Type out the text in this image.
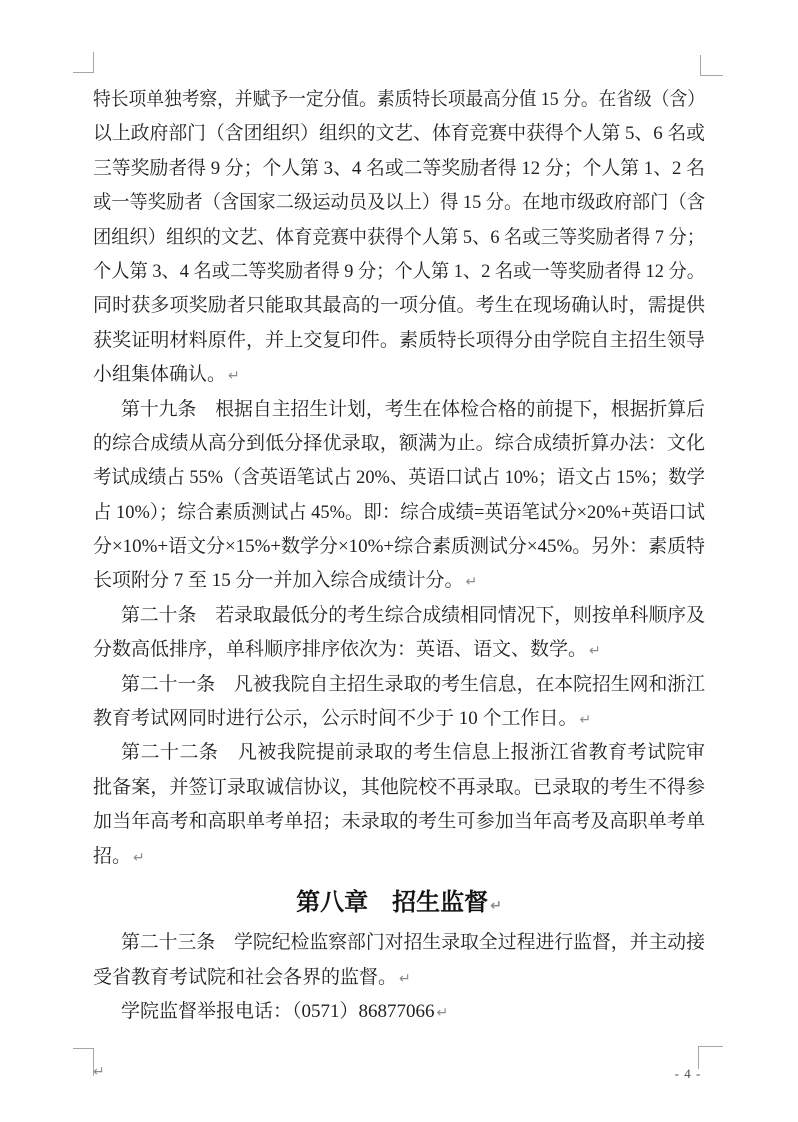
特长项单独考察，并赋予一定分值。素质特长项最高分值 15 分。在省级（含）
以上政府部门（含团组织）组织的文艺、体育竞赛中获得个人第 5、6 名或
三等奖励者得 9 分；个人第 3、4 名或二等奖励者得 12 分；个人第 1、2 名
或一等奖励者（含国家二级运动员及以上）得 15 分。在地市级政府部门（含
团组织）组织的文艺、体育竞赛中获得个人第 5、6 名或三等奖励者得 7 分；
个人第 3、4 名或二等奖励者得 9 分；个人第 1、2 名或一等奖励者得 12 分。
同时获多项奖励者只能取其最高的一项分值。考生在现场确认时，需提供
获奖证明材料原件，并上交复印件。素质特长项得分由学院自主招生领导
小组集体确认。 ↵
第十九条　根据自主招生计划，考生在体检合格的前提下，根据折算后
的综合成绩从高分到低分择优录取，额满为止。综合成绩折算办法：文化
考试成绩占 55%（含英语笔试占 20%、英语口试占 10%；语文占 15%；数学
占 10%）；综合素质测试占 45%。即：综合成绩=英语笔试分×20%+英语口试
分×10%+语文分×15%+数学分×10%+综合素质测试分×45%。另外：素质特
长项附分 7 至 15 分一并加入综合成绩计分。 ↵
第二十条　若录取最低分的考生综合成绩相同情况下，则按单科顺序及
分数高低排序，单科顺序排序依次为：英语、语文、数学。 ↵
第二十一条　凡被我院自主招生录取的考生信息，在本院招生网和浙江
教育考试网同时进行公示，公示时间不少于 10 个工作日。 ↵
第二十二条　凡被我院提前录取的考生信息上报浙江省教育考试院审
批备案，并签订录取诚信协议，其他院校不再录取。已录取的考生不得参
加当年高考和高职单考单招；未录取的考生可参加当年高考及高职单考单
招。 ↵
第八章　招生监督 ↵
第二十三条　学院纪检监察部门对招生录取全过程进行监督，并主动接
受省教育考试院和社会各界的监督。 ↵
学院监督举报电话：（0571）86877066 ↵
↵	- 4 -
